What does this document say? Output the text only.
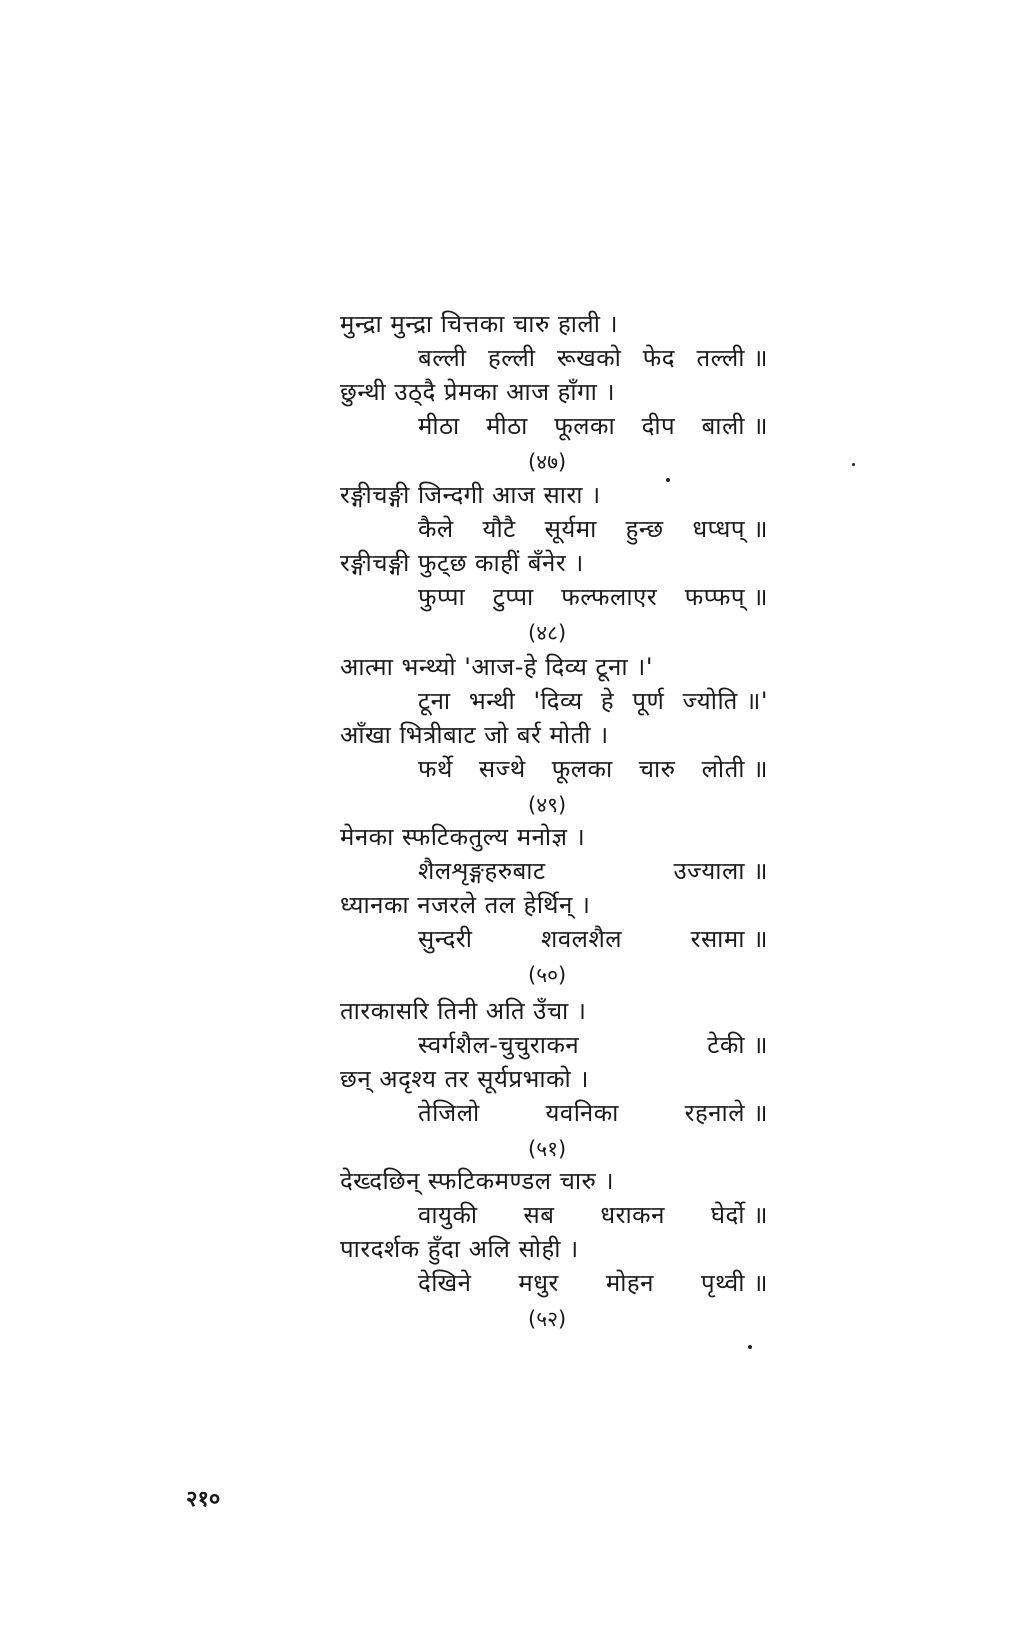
मुन्द्रा मुन्द्रा चित्तका चारु हाली ।
बल्ली हल्ली रूखको फेद तल्ली ॥
छुन्थी उठ्दै प्रेमका आज हाँगा ।
मीठा मीठा फूलका दीप बाली ॥
(४७)
रङ्गीचङ्गी जिन्दगी आज सारा ।
कैले यौटै सूर्यमा हुन्छ धप्धप् ॥
रङ्गीचङ्गी फुट्छ काहीं बँनेर ।
फुप्पा टुप्पा फल्फलाएर फप्फप् ॥
(४८)
आत्मा भन्थ्यो 'आज-हे दिव्य टूना ।'
टूना भन्थी 'दिव्य हे पूर्ण ज्योति ॥'
आँखा भित्रीबाट जो बर्र मोती ।
फर्थे सज्थे फूलका चारु लोती ॥
(४९)
मेनका स्फटिकतुल्य मनोज्ञ ।
शैलशृङ्गहरुबाट	उज्याला ॥
ध्यानका नजरले तल हेर्थिन् ।
सुन्दरी	शवलशैल	रसामा ॥
(५०)
तारकासरि तिनी अति उँचा ।
स्वर्गशैल-चुचुराकन	टेकी ॥
छन् अदृश्य तर सूर्यप्रभाको ।
तेजिलो	यवनिका	रहनाले ॥
(५१)
देख्दछिन् स्फटिकमण्डल चारु ।
वायुकी सब धराकन घेर्दो ॥
पारदर्शक हुँदा अलि सोही ।
देखिने मधुर मोहन पृथ्वी ॥
(५२)
२१०
